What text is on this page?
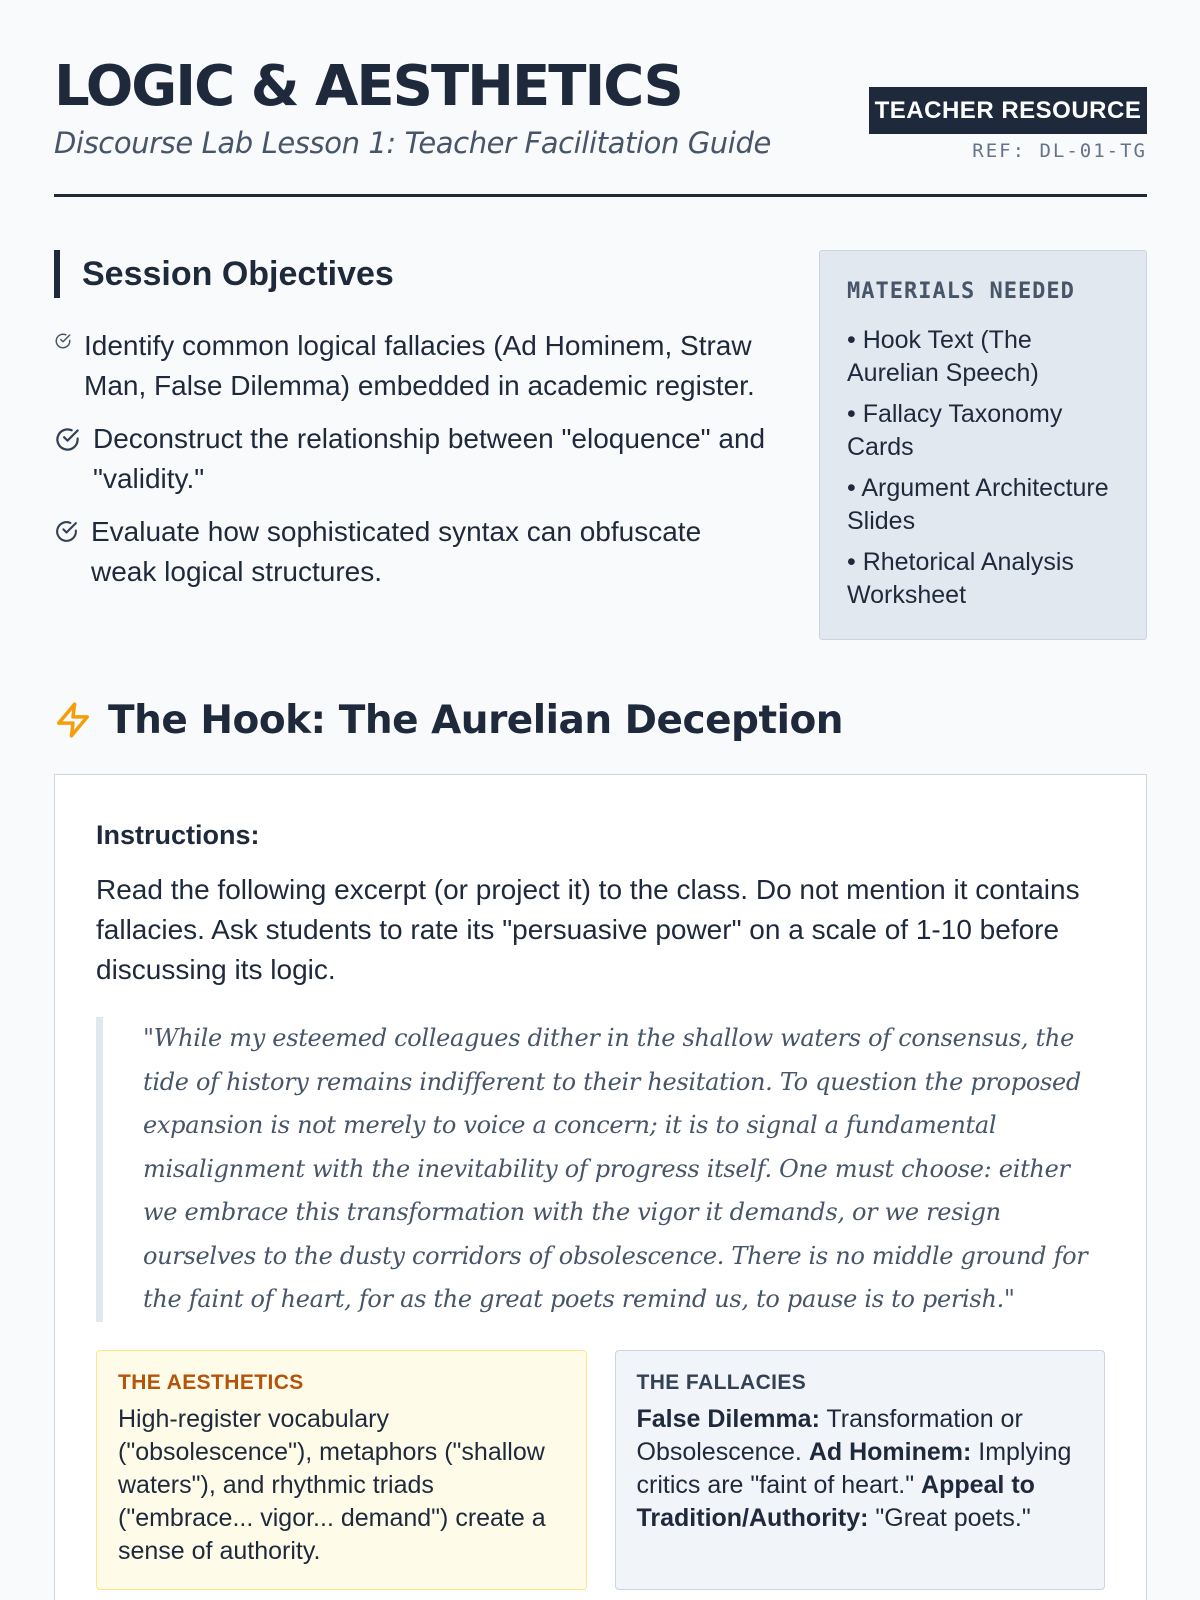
LOGIC & AESTHETICS
Discourse Lab Lesson 1: Teacher Facilitation Guide
TEACHER RESOURCE
REF: DL-01-TG
Session Objectives
Identify common logical fallacies (Ad Hominem, Straw Man, False Dilemma) embedded in academic register.
Deconstruct the relationship between "eloquence" and "validity."
Evaluate how sophisticated syntax can obfuscate weak logical structures.
MATERIALS NEEDED
• Hook Text (The Aurelian Speech)
• Fallacy Taxonomy Cards
• Argument Architecture Slides
• Rhetorical Analysis Worksheet
The Hook: The Aurelian Deception
Instructions:
Read the following excerpt (or project it) to the class. Do not mention it contains fallacies. Ask students to rate its "persuasive power" on a scale of 1-10 before discussing its logic.
"While my esteemed colleagues dither in the shallow waters of consensus, the tide of history remains indifferent to their hesitation. To question the proposed expansion is not merely to voice a concern; it is to signal a fundamental misalignment with the inevitability of progress itself. One must choose: either we embrace this transformation with the vigor it demands, or we resign ourselves to the dusty corridors of obsolescence. There is no middle ground for the faint of heart, for as the great poets remind us, to pause is to perish."
THE AESTHETICS
High-register vocabulary ("obsolescence"), metaphors ("shallow waters"), and rhythmic triads ("embrace... vigor... demand") create a sense of authority.
THE FALLACIES
False Dilemma: Transformation or Obsolescence. Ad Hominem: Implying critics are "faint of heart." Appeal to Tradition/Authority: "Great poets."
